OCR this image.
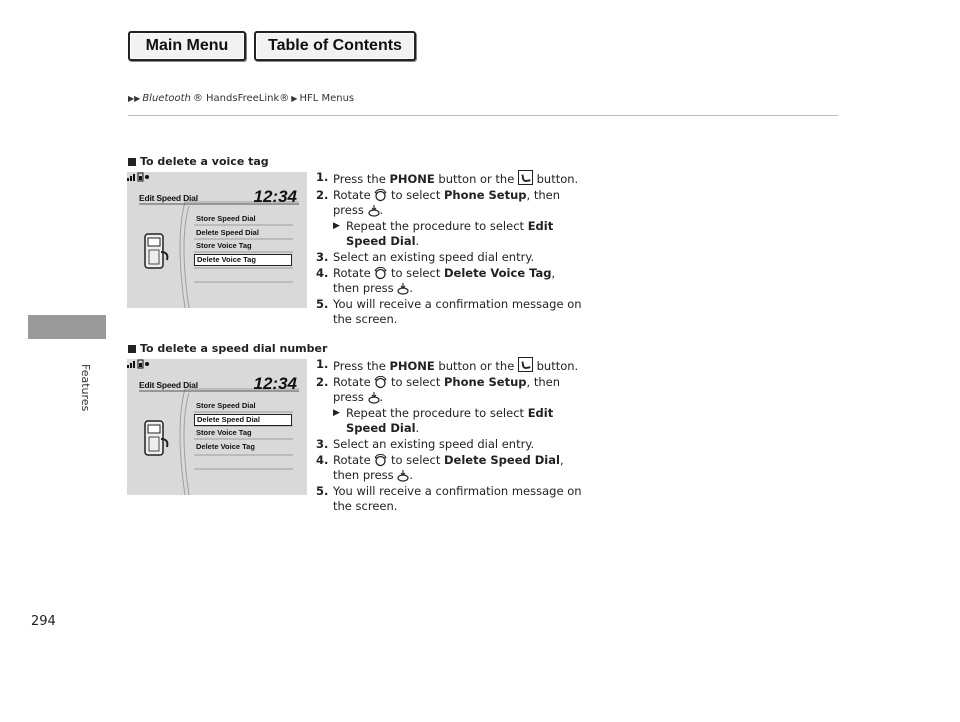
Main Menu	Table of Contents
▶▶ Bluetooth ® HandsFreeLink® ▶ HFL Menus
Features
294
To delete a voice tag
Edit Speed Dial	12:34
Store Speed Dial
Delete Speed Dial
Store Voice Tag
Delete Voice Tag
1. Press the PHONE button or the  button.
2. Rotate  to select Phone Setup, then
press .
▶ Repeat the procedure to select Edit
Speed Dial.
3. Select an existing speed dial entry.
4. Rotate  to select Delete Voice Tag,
then press .
5. You will receive a confirmation message on
the screen.
To delete a speed dial number
Edit Speed Dial	12:34
Store Speed Dial
Delete Speed Dial
Store Voice Tag
Delete Voice Tag
1. Press the PHONE button or the  button.
2. Rotate  to select Phone Setup, then
press .
▶ Repeat the procedure to select Edit
Speed Dial.
3. Select an existing speed dial entry.
4. Rotate  to select Delete Speed Dial,
then press .
5. You will receive a confirmation message on
the screen.
